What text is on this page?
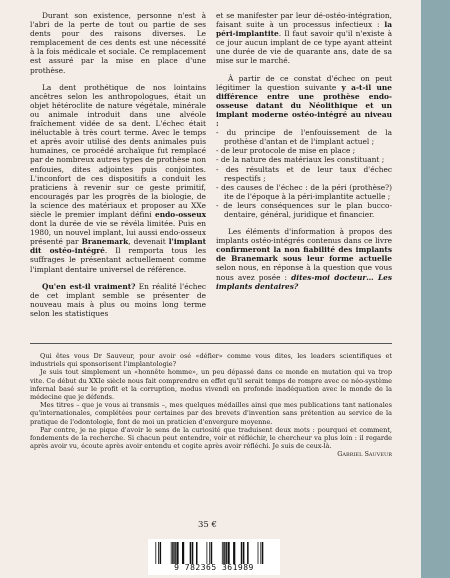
Durant son existence, personne n'est à l'abri de la perte de tout ou partie de ses dents pour des raisons diverses. Le remplacement de ces dents est une nécessité à la fois médicale et sociale. Ce remplacement est assuré par la mise en place d'une prothèse.

La dent prothétique de nos lointains ancêtres selon les anthropologues, était un objet hétéroclite de nature végétale, minérale ou animale introduit dans une alvéole fraîchement vidée de sa dent. L'échec était inéluctable à très court terme. Avec le temps et après avoir utilisé des dents animales puis humaines, ce procédé archaïque fut remplacé par de nombreux autres types de prothèse non enfouies, dites adjointes puis conjointes. L'inconfort de ces dispositifs a conduit les praticiens à revenir sur ce geste primitif, encouragés par les progrès de la biologie, de la science des matériaux et proposer au XXe siècle le premier implant défini endo-osseux dont la durée de vie se révéla limitée. Puis en 1980, un nouvel implant, lui aussi endo-osseux présenté par Branemark, devenait l'implant dit ostéo-intégré. Il remporta tous les suffrages le présentant actuellement comme l'implant dentaire universel de référence.

Qu'en est-il vraiment? En réalité l'échec de cet implant semble se présenter de nouveau mais à plus ou moins long terme selon les statistiques

et se manifester par leur dé-ostéo-intégration, faisant suite à un processus infectieux : la péri-implantite. Il faut savoir qu'il n'existe à ce jour aucun implant de ce type ayant atteint une durée de vie de quarante ans, date de sa mise sur le marché.

À partir de ce constat d'échec on peut légitimer la question suivante y a-t-il une différence entre une prothèse endo-osseuse datant du Néolithique et un implant moderne ostéo-intégré au niveau :

- du principe de l'enfouissement de la prothèse d'antan et de l'implant actuel ;
- de leur protocole de mise en place ;
- de la nature des matériaux les constituant ;
- des résultats et de leur taux d'échec respectifs ;
- des causes de l'échec : de la péri (prothèse?) ite de l'époque à la péri-implantite actuelle ;
- de leurs conséquences sur le plan bucco-dentaire, général, juridique et financier.

Les éléments d'information à propos des implants ostéo-intégrés contenus dans ce livre confirmeront la non fiabilité des implants de Branemark sous leur forme actuelle selon nous, en réponse à la question que vous nous avez posée : dites-moi docteur… Les implants dentaires?

Qui êtes vous Dr Sauveur, pour avoir osé «défier» comme vous dites, les leaders scientifiques et industriels qui sponsorisent l'implantologie?

Je suis tout simplement un «honnête homme», un peu dépassé dans ce monde en mutation qui va trop vite. Ce début du XXIe siècle nous fait comprendre en effet qu'il serait temps de rompre avec ce néo-système infernal basé sur le profit et la corruption, modus vivendi en profonde inadéquation avec le monde de la médecine que je défends.

Mes titres – que je vous ai transmis –, mes quelques médailles ainsi que mes publications tant nationales qu'internationales, complétées pour certaines par des brevets d'invention sans prétention au service de la pratique de l'odontologie, font de moi un praticien d'envergure moyenne.

Par contre, je ne pique d'avoir le sens de la curiosité que traduisent deux mots : pourquoi et comment, fondements de la recherche. Si chacun peut entendre, voir et réfléchir, le chercheur va plus loin : il regarde après avoir vu, écoute après avoir entendu et cogite après avoir réfléchi. Je suis de ceux-là.

Gabriel Sauveur

35 €
9 782365 361989
